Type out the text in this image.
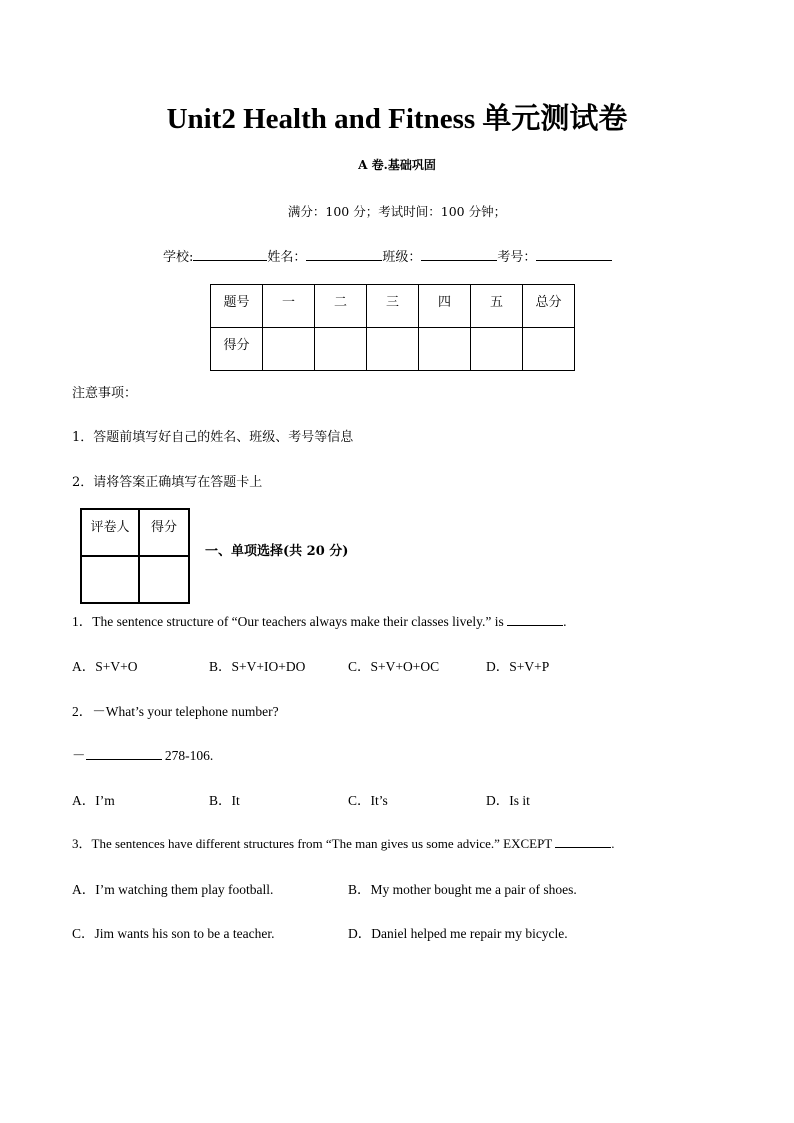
Unit2 Health and Fitness 单元测试卷
A 卷.基础巩固
满分：100 分；考试时间：100 分钟；
学校:	姓名：	班级：	考号：
题号	一	二	三	四	五	总分
得分						
注意事项：
1．答题前填写好自己的姓名、班级、考号等信息
2．请将答案正确填写在答题卡上
评卷人	得分

一、单项选择(共 20 分)
1．The sentence structure of “Our teachers always make their classes lively.” is	.
A．S+V+O	B．S+V+IO+DO	C．S+V+O+OC	D．S+V+P
2．－What’s your telephone number?
－	278-106.
A．I’m	B．It	C．It’s	D．Is it
3．The sentences have different structures from “The man gives us some advice.” EXCEPT	.
A．I’m watching them play football.	B．My mother bought me a pair of shoes.
C．Jim wants his son to be a teacher.	D．Daniel helped me repair my bicycle.
